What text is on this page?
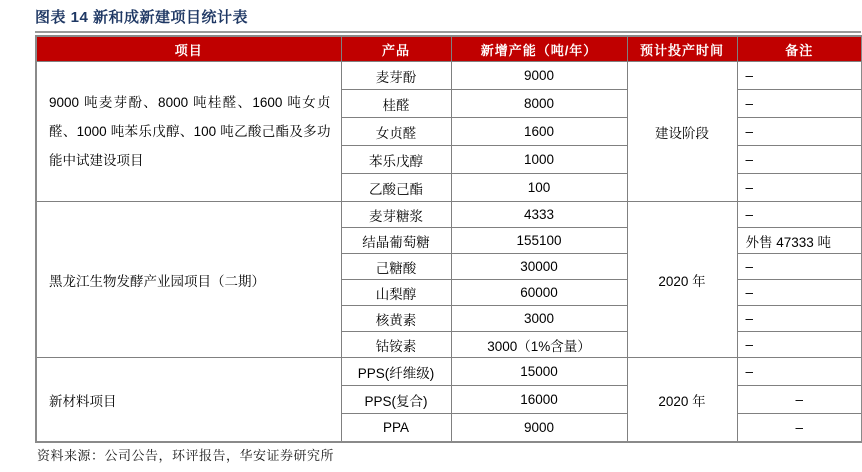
图表 14 新和成新建项目统计表
项目	产品	新增产能（吨/年）	预计投产时间	备注
9000 吨麦芽酚、8000 吨桂醛、1600 吨女贞醛、1000 吨苯乐戊醇、100 吨乙酸己酯及多功能中试建设项目	麦芽酚	9000	建设阶段	–
	桂醛	8000		–
	女贞醛	1600		–
	苯乐戊醇	1000		–
	乙酸己酯	100		–
黑龙江生物发酵产业园项目（二期）	麦芽糖浆	4333	2020 年	–
	结晶葡萄糖	155100		外售 47333 吨
	己糖酸	30000		–
	山梨醇	60000		–
	核黄素	3000		–
	钴铵素	3000（1%含量）		–
新材料项目	PPS(纤维级)	15000	2020 年	–
	PPS(复合)	16000		–
	PPA	9000		–
资料来源：公司公告，环评报告，华安证券研究所
